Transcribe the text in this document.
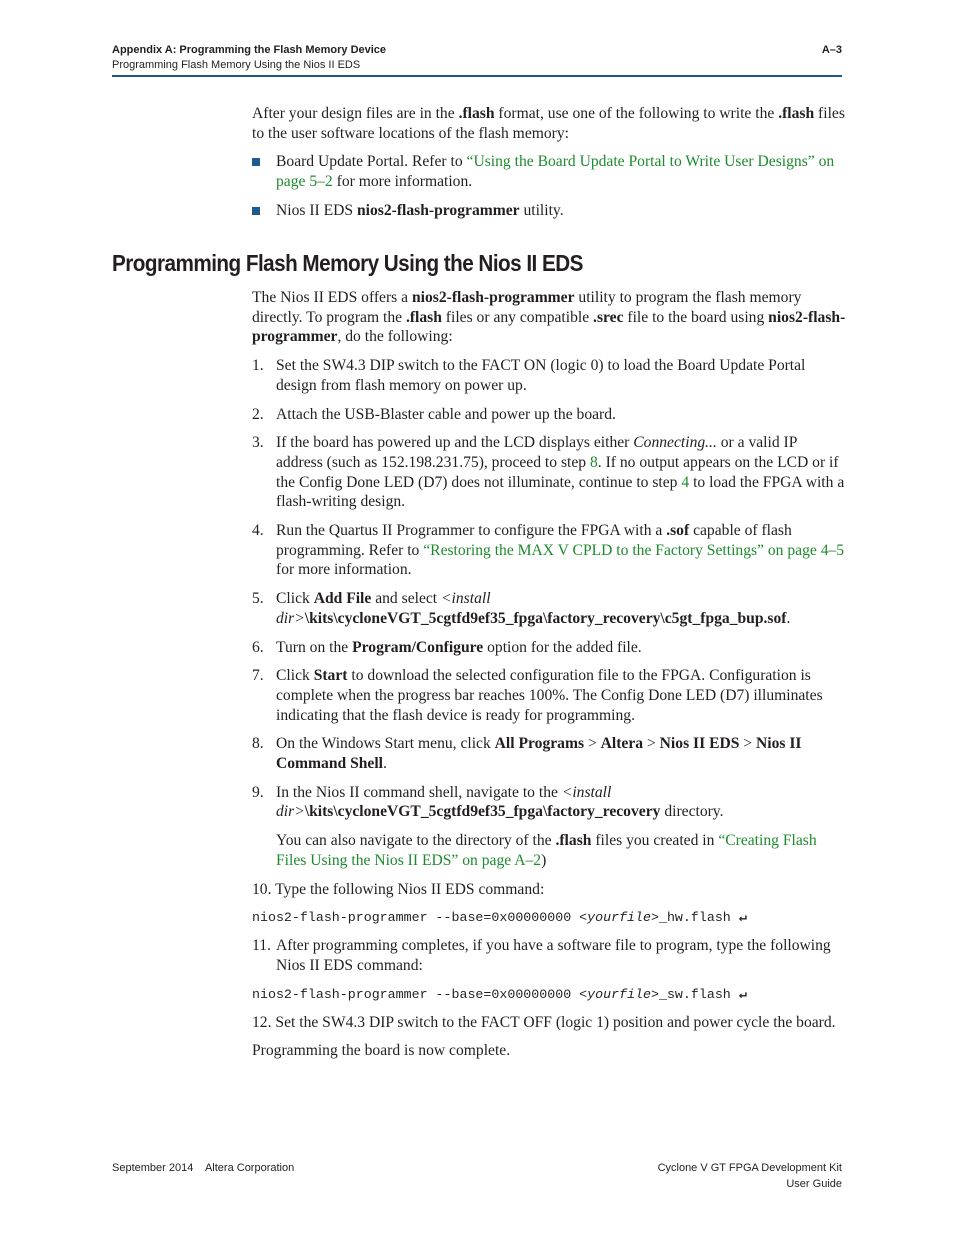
Appendix A: Programming the Flash Memory Device
Programming Flash Memory Using the Nios II EDS
A–3

After your design files are in the .flash format, use one of the following to write the .flash files to the user software locations of the flash memory:

Board Update Portal. Refer to “Using the Board Update Portal to Write User Designs” on page 5–2 for more information.
Nios II EDS nios2-flash-programmer utility.
Programming Flash Memory Using the Nios II EDS

The Nios II EDS offers a nios2-flash-programmer utility to program the flash memory directly. To program the .flash files or any compatible .srec file to the board using nios2-flash-programmer, do the following:

1. Set the SW4.3 DIP switch to the FACT ON (logic 0) to load the Board Update Portal design from flash memory on power up.
2. Attach the USB-Blaster cable and power up the board.
3. If the board has powered up and the LCD displays either Connecting... or a valid IP address (such as 152.198.231.75), proceed to step 8. If no output appears on the LCD or if the Config Done LED (D7) does not illuminate, continue to step 4 to load the FPGA with a flash-writing design.
4. Run the Quartus II Programmer to configure the FPGA with a .sof capable of flash programming. Refer to “Restoring the MAX V CPLD to the Factory Settings” on page 4–5 for more information.
5. Click Add File and select <install dir>\kits\cycloneVGT_5cgtfd9ef35_fpga\factory_recovery\c5gt_fpga_bup.sof.
6. Turn on the Program/Configure option for the added file.
7. Click Start to download the selected configuration file to the FPGA. Configuration is complete when the progress bar reaches 100%. The Config Done LED (D7) illuminates indicating that the flash device is ready for programming.
8. On the Windows Start menu, click All Programs > Altera > Nios II EDS > Nios II Command Shell.
9. In the Nios II command shell, navigate to the <install dir>\kits\cycloneVGT_5cgtfd9ef35_fpga\factory_recovery directory.
You can also navigate to the directory of the .flash files you created in “Creating Flash Files Using the Nios II EDS” on page A–2)
10. Type the following Nios II EDS command:
nios2-flash-programmer --base=0x00000000 <yourfile>_hw.flash ↵
11. After programming completes, if you have a software file to program, type the following Nios II EDS command:
nios2-flash-programmer --base=0x00000000 <yourfile>_sw.flash ↵
12. Set the SW4.3 DIP switch to the FACT OFF (logic 1) position and power cycle the board.

Programming the board is now complete.

September 2014    Altera Corporation	Cyclone V GT FPGA Development Kit
User Guide
